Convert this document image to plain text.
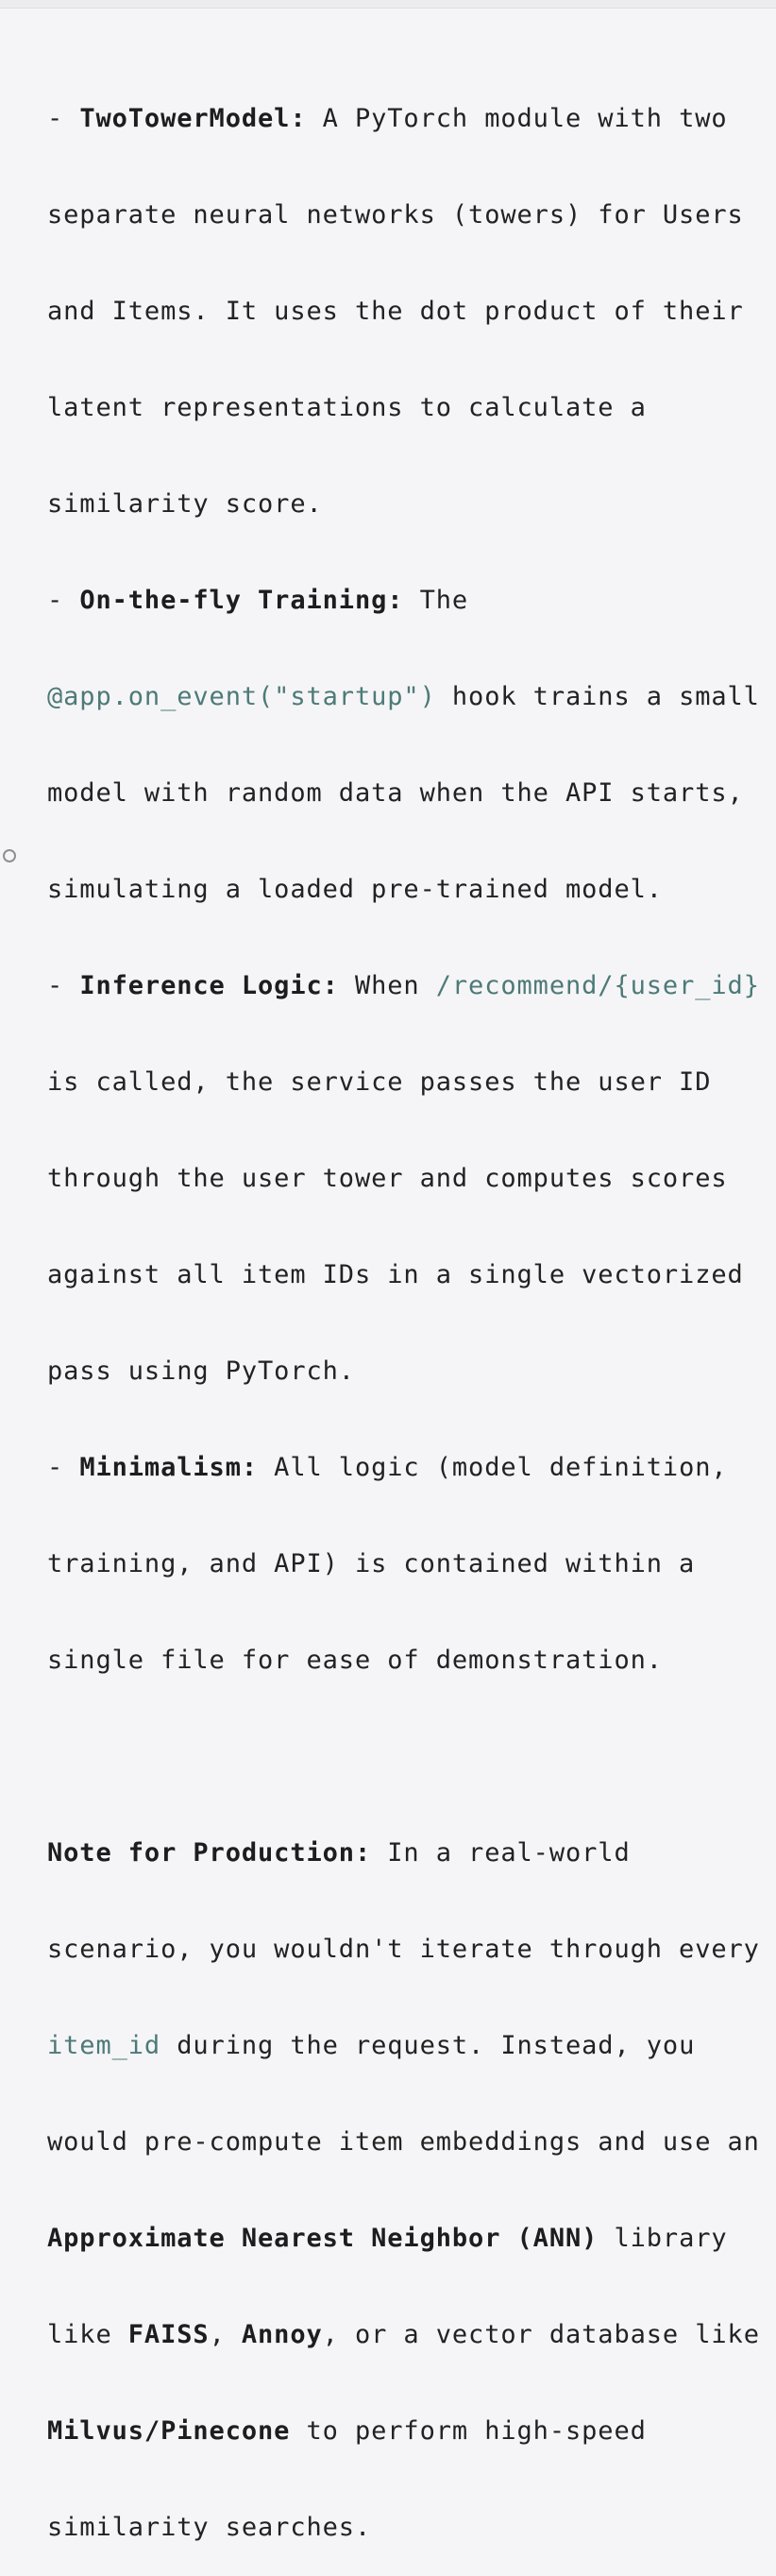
- TwoTowerModel: A PyTorch module with two

separate neural networks (towers) for Users

and Items. It uses the dot product of their

latent representations to calculate a

similarity score.

- On-the-fly Training: The

@app.on_event("startup") hook trains a small

model with random data when the API starts,

simulating a loaded pre-trained model.

- Inference Logic: When /recommend/{user_id}

is called, the service passes the user ID

through the user tower and computes scores

against all item IDs in a single vectorized

pass using PyTorch.

- Minimalism: All logic (model definition,

training, and API) is contained within a

single file for ease of demonstration.

Note for Production: In a real-world

scenario, you wouldn't iterate through every

item_id during the request. Instead, you

would pre-compute item embeddings and use an

Approximate Nearest Neighbor (ANN) library

like FAISS, Annoy, or a vector database like

Milvus/Pinecone to perform high-speed

similarity searches.
